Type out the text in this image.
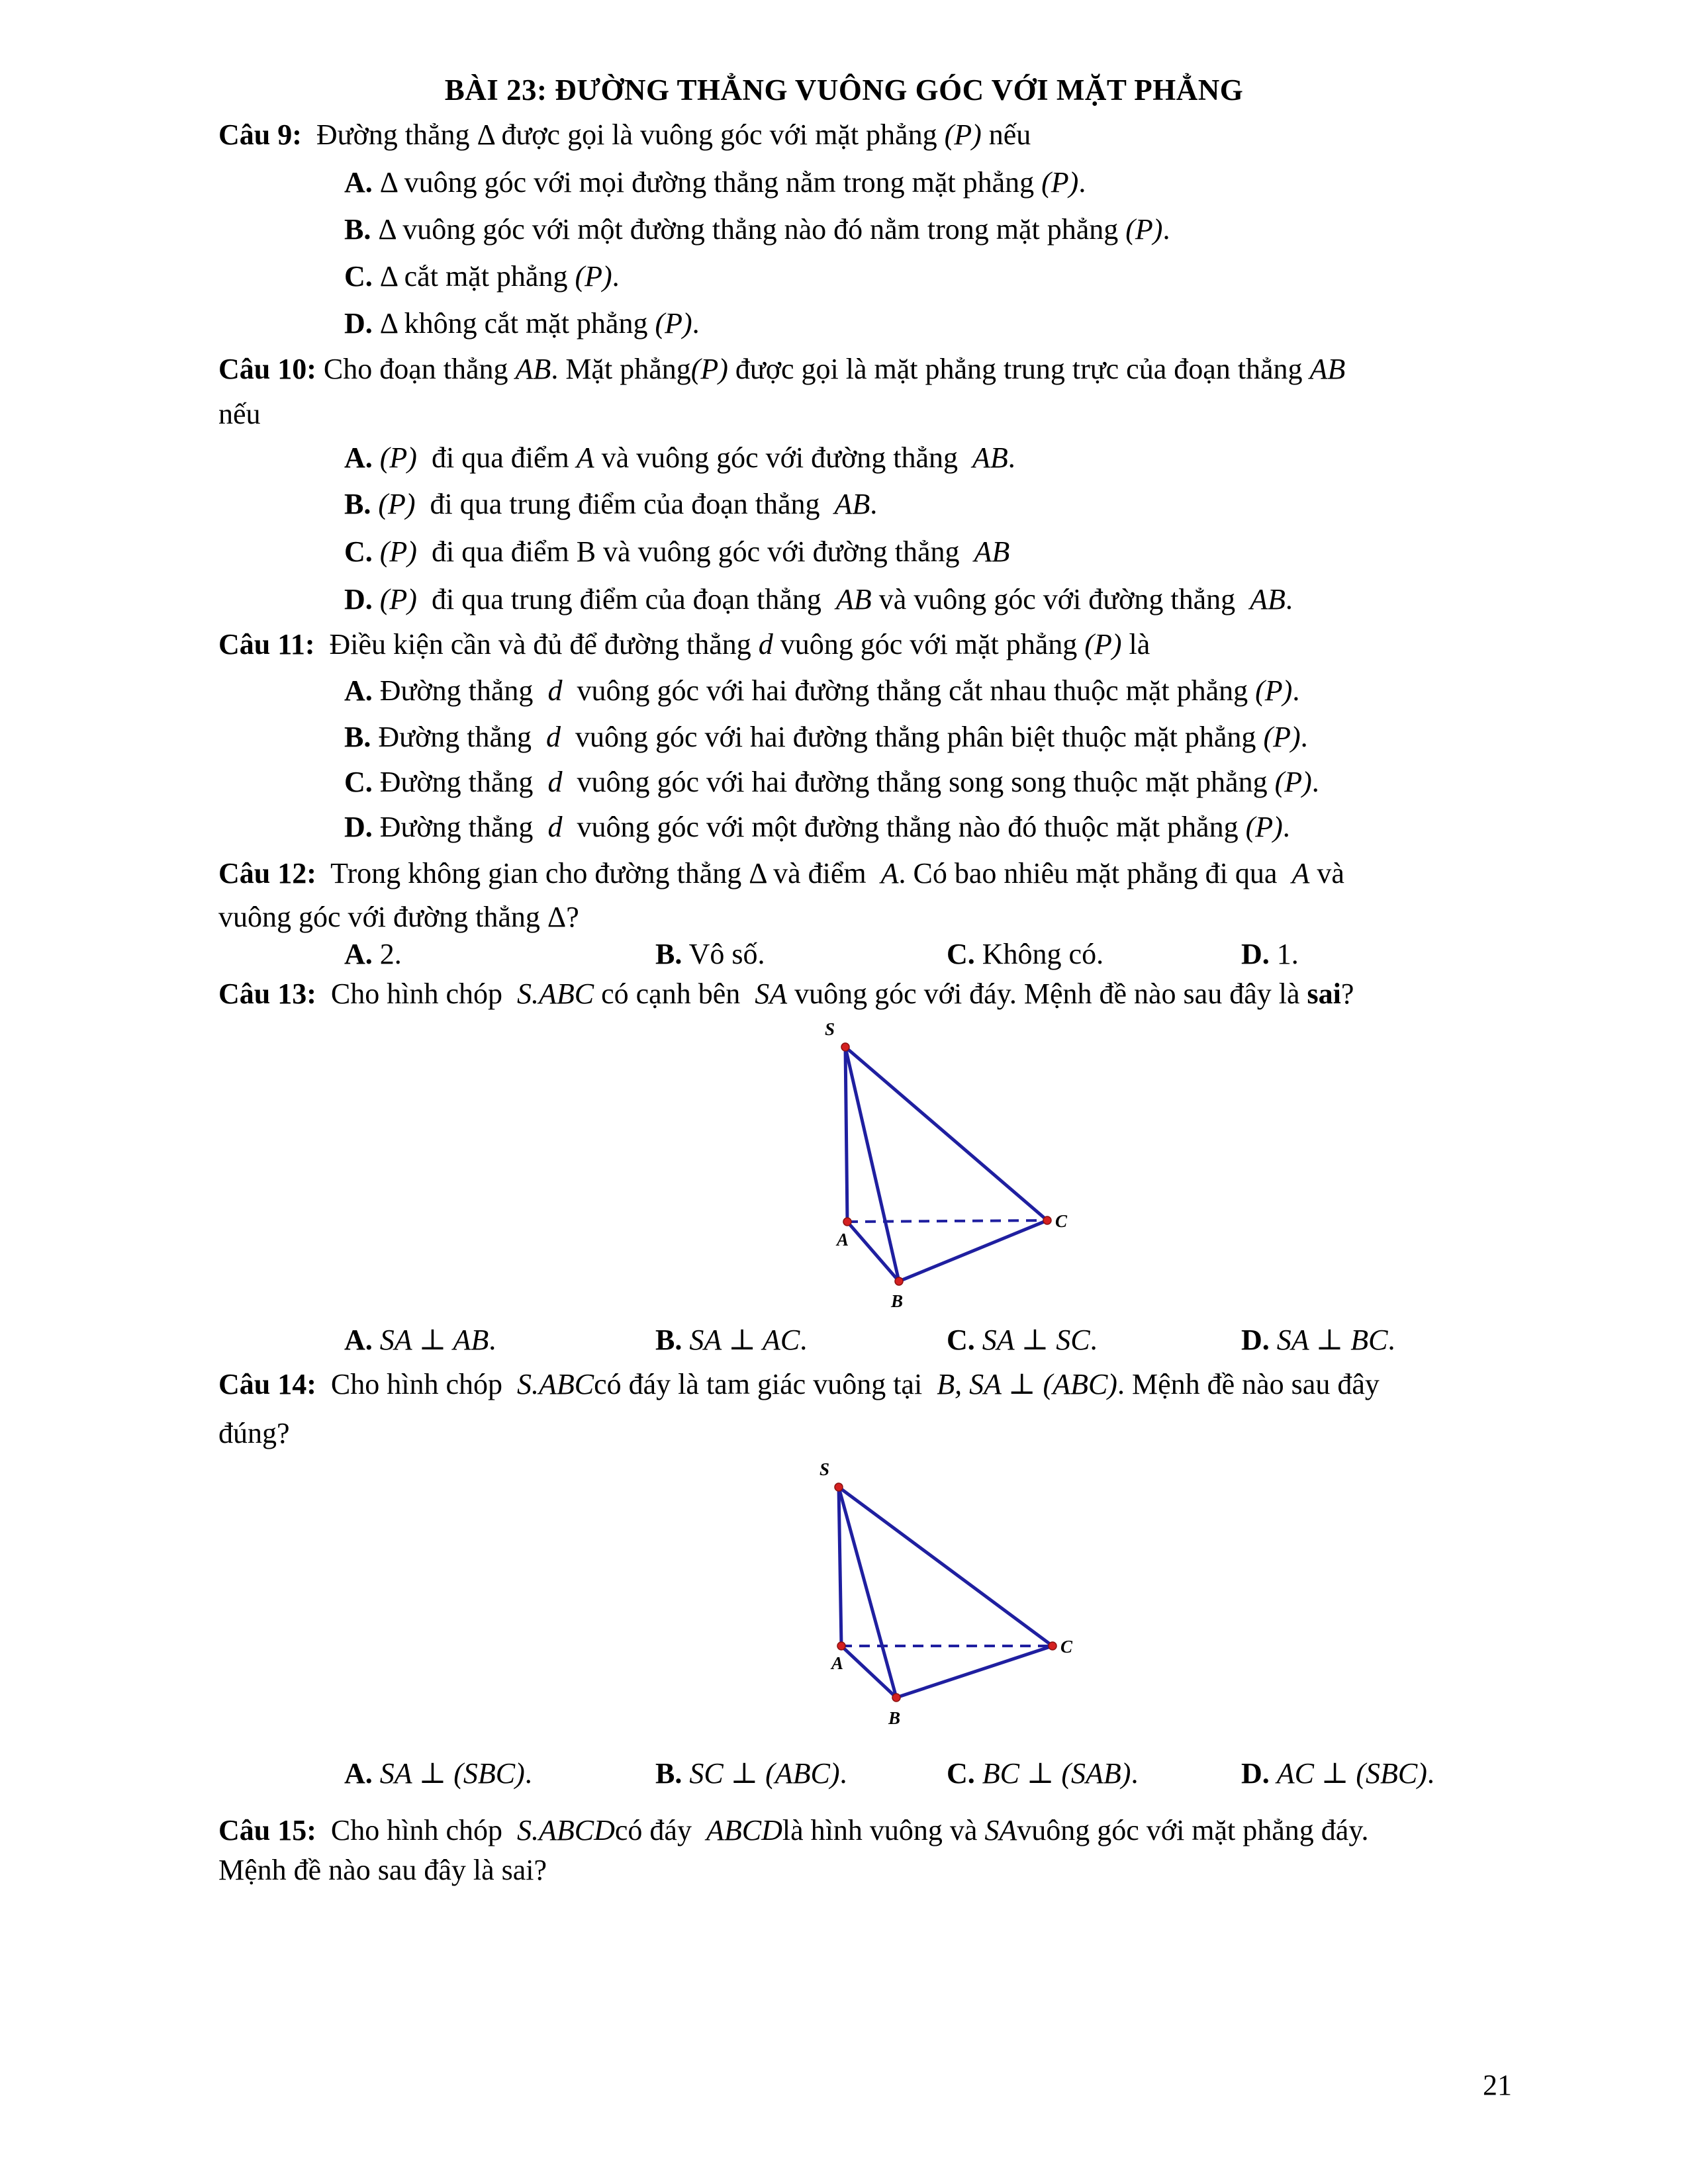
BÀI 23: ĐƯỜNG THẲNG VUÔNG GÓC VỚI MẶT PHẲNG
Câu 9: Đường thẳng Δ được gọi là vuông góc với mặt phẳng (P) nếu
A. Δ vuông góc với mọi đường thẳng nằm trong mặt phẳng (P).
B. Δ vuông góc với một đường thẳng nào đó nằm trong mặt phẳng (P).
C. Δ cắt mặt phẳng (P).
D. Δ không cắt mặt phẳng (P).
Câu 10: Cho đoạn thẳng AB. Mặt phẳng(P) được gọi là mặt phẳng trung trực của đoạn thẳng AB
nếu
A. (P) đi qua điểm A và vuông góc với đường thẳng AB.
B. (P) đi qua trung điểm của đoạn thẳng AB.
C. (P) đi qua điểm B và vuông góc với đường thẳng AB
D. (P) đi qua trung điểm của đoạn thẳng AB và vuông góc với đường thẳng AB.
Câu 11: Điều kiện cần và đủ để đường thẳng d vuông góc với mặt phẳng (P) là
A. Đường thẳng d vuông góc với hai đường thẳng cắt nhau thuộc mặt phẳng (P).
B. Đường thẳng d vuông góc với hai đường thẳng phân biệt thuộc mặt phẳng (P).
C. Đường thẳng d vuông góc với hai đường thẳng song song thuộc mặt phẳng (P).
D. Đường thẳng d vuông góc với một đường thẳng nào đó thuộc mặt phẳng (P).
Câu 12: Trong không gian cho đường thẳng Δ và điểm A. Có bao nhiêu mặt phẳng đi qua A và
vuông góc với đường thẳng Δ?
A. 2.	B. Vô số.	C. Không có.	D. 1.
Câu 13: Cho hình chóp S.ABC có cạnh bên SA vuông góc với đáy. Mệnh đề nào sau đây là sai?
S
A
B
C
A. SA ⊥ AB.	B. SA ⊥ AC.	C. SA ⊥ SC.	D. SA ⊥ BC.
Câu 14: Cho hình chóp S.ABCcó đáy là tam giác vuông tại B, SA ⊥ (ABC). Mệnh đề nào sau đây
đúng?
S
A
B
C
A. SA ⊥ (SBC).	B. SC ⊥ (ABC).	C. BC ⊥ (SAB).	D. AC ⊥ (SBC).
Câu 15: Cho hình chóp S.ABCDcó đáy ABCDlà hình vuông và SAvuông góc với mặt phẳng đáy.
Mệnh đề nào sau đây là sai?
21
